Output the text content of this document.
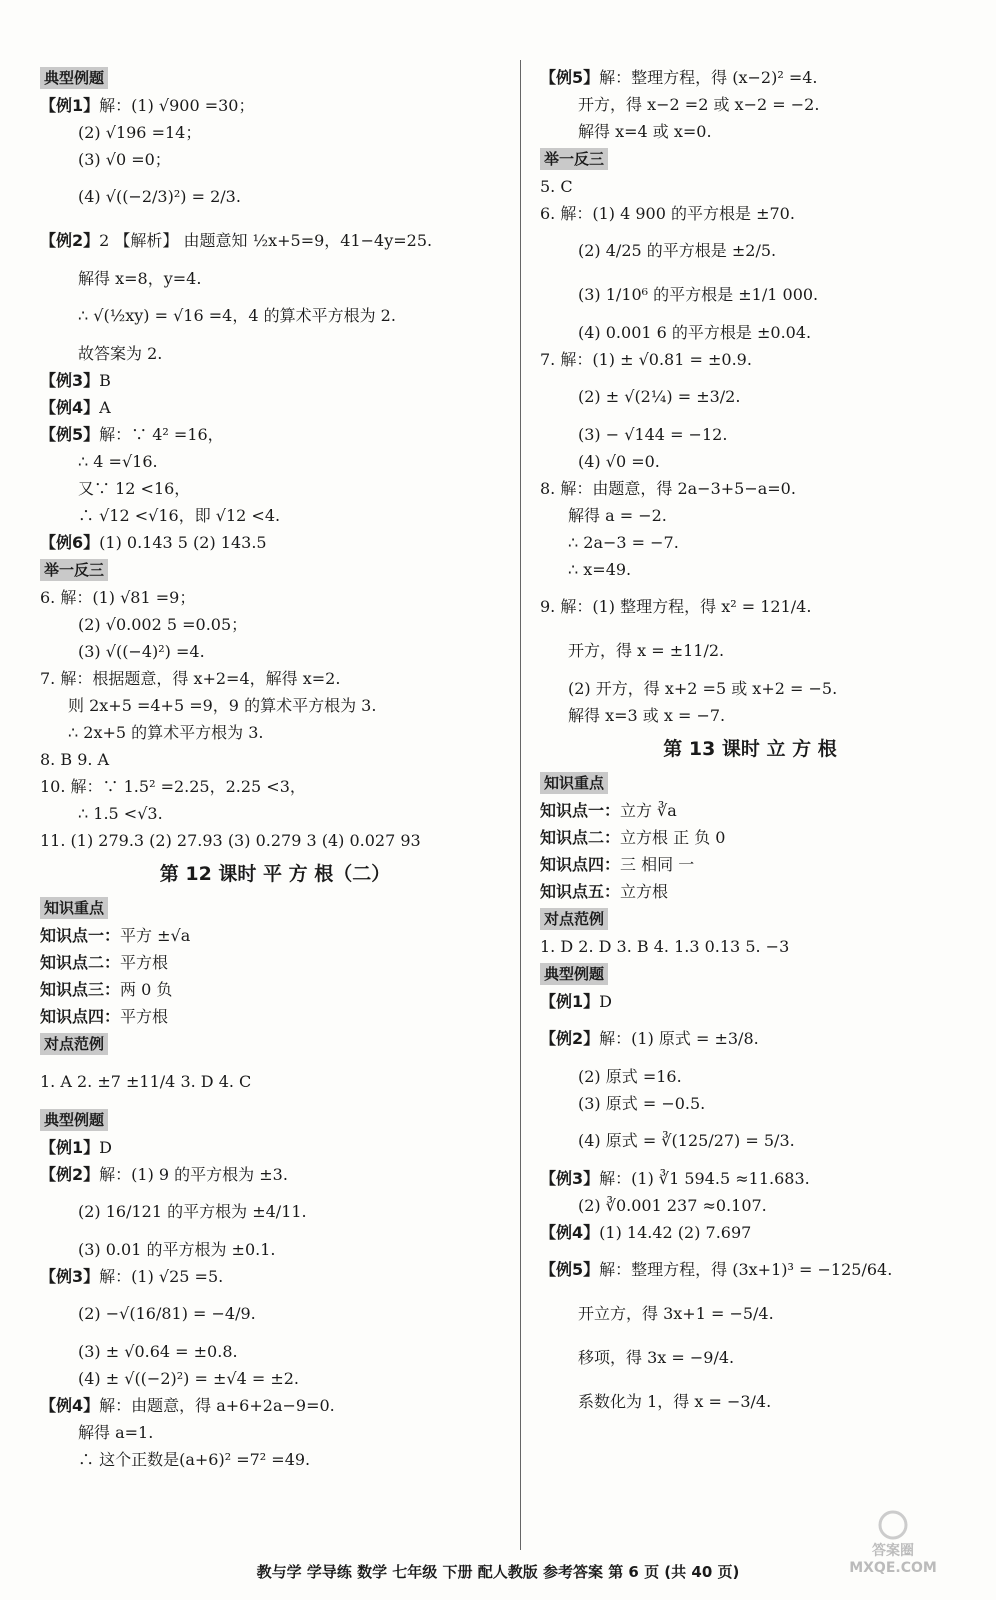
典型例题
【例1】解：(1) √900 =30；
(2) √196 =14；
(3) √0 =0；
(4) √((−2/3)²) = 2/3.
【例2】2 【解析】 由题意知 ½x+5=9，41−4y=25.
解得 x=8，y=4.
∴ √(½xy) = √16 =4，4 的算术平方根为 2.
故答案为 2.
【例3】B
【例4】A
【例5】解：∵ 4² =16，
∴ 4 =√16.
又∵ 12 <16，
∴ √12 <√16，即 √12 <4.
【例6】(1) 0.143 5 (2) 143.5
举一反三
6. 解：(1) √81 =9；
(2) √0.002 5 =0.05；
(3) √((−4)²) =4.
7. 解：根据题意，得 x+2=4，解得 x=2.
则 2x+5 =4+5 =9，9 的算术平方根为 3.
∴ 2x+5 的算术平方根为 3.
8. B 9. A
10. 解：∵ 1.5² =2.25，2.25 <3，
∴ 1.5 <√3.
11. (1) 279.3 (2) 27.93 (3) 0.279 3 (4) 0.027 93
第 12 课时 平 方 根（二）
知识重点
知识点一：平方 ±√a
知识点二：平方根
知识点三：两 0 负
知识点四：平方根
对点范例
1. A 2. ±7 ±11/4 3. D 4. C
典型例题
【例1】D
【例2】解：(1) 9 的平方根为 ±3.
(2) 16/121 的平方根为 ±4/11.
(3) 0.01 的平方根为 ±0.1.
【例3】解：(1) √25 =5.
(2) −√(16/81) = −4/9.
(3) ± √0.64 = ±0.8.
(4) ± √((−2)²) = ±√4 = ±2.
【例4】解：由题意，得 a+6+2a−9=0.
解得 a=1.
∴ 这个正数是(a+6)² =7² =49.
【例5】解：整理方程，得 (x−2)² =4.
开方，得 x−2 =2 或 x−2 = −2.
解得 x=4 或 x=0.
举一反三
5. C
6. 解：(1) 4 900 的平方根是 ±70.
(2) 4/25 的平方根是 ±2/5.
(3) 1/10⁶ 的平方根是 ±1/1 000.
(4) 0.001 6 的平方根是 ±0.04.
7. 解：(1) ± √0.81 = ±0.9.
(2) ± √(2¼) = ±3/2.
(3) − √144 = −12.
(4) √0 =0.
8. 解：由题意，得 2a−3+5−a=0.
解得 a = −2.
∴ 2a−3 = −7.
∴ x=49.
9. 解：(1) 整理方程，得 x² = 121/4.
开方，得 x = ±11/2.
(2) 开方，得 x+2 =5 或 x+2 = −5.
解得 x=3 或 x = −7.
第 13 课时 立 方 根
知识重点
知识点一：立方 ∛a
知识点二：立方根 正 负 0
知识点四：三 相同 一
知识点五：立方根
对点范例
1. D 2. D 3. B 4. 1.3 0.13 5. −3
典型例题
【例1】D
【例2】解：(1) 原式 = ±3/8.
(2) 原式 =16.
(3) 原式 = −0.5.
(4) 原式 = ∛(125/27) = 5/3.
【例3】解：(1) ∛1 594.5 ≈11.683.
(2) ∛0.001 237 ≈0.107.
【例4】(1) 14.42 (2) 7.697
【例5】解：整理方程，得 (3x+1)³ = −125/64.
开立方，得 3x+1 = −5/4.
移项，得 3x = −9/4.
系数化为 1，得 x = −3/4.
教与学 学导练 数学 七年级 下册 配人教版 参考答案 第 6 页 (共 40 页)
答案圈
MXQE.COM
